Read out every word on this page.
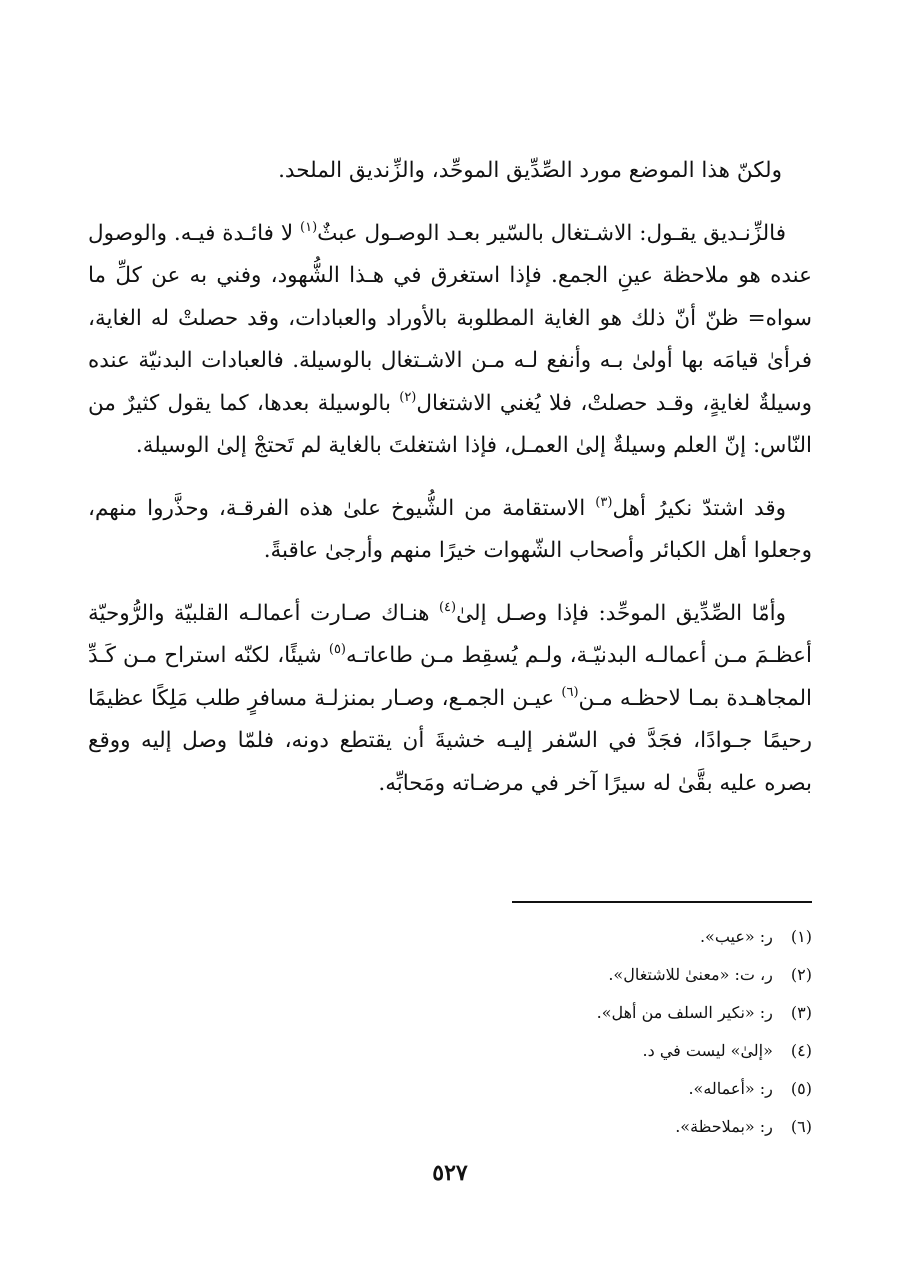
ولكنّ هذا الموضع مورد الصِّدِّيق الموحِّد، والزِّنديق الملحد.

فالزِّنـديق يقـول: الاشـتغال بالسّير بعـد الوصـول عبثٌ$^{(١)}$ لا فائـدة فيـه. والوصول عنده هو ملاحظة عينِ الجمع. فإذا استغرق في هـذا الشُّهود، وفني به عن كلِّ ما سواه= ظنّ أنّ ذلك هو الغاية المطلوبة بالأوراد والعبادات، وقد حصلتْ له الغاية، فرأىٰ قيامَه بها أولىٰ بـه وأنفع لـه مـن الاشـتغال بالوسيلة. فالعبادات البدنيّة عنده وسيلةٌ لغايةٍ، وقـد حصلتْ، فلا يُغني الاشتغال$^{(٢)}$ بالوسيلة بعدها، كما يقول كثيرٌ من النّاس: إنّ العلم وسيلةٌ إلىٰ العمـل، فإذا اشتغلتَ بالغاية لم تَحتجْ إلىٰ الوسيلة.

وقد اشتدّ نكيرُ أهل$^{(٣)}$ الاستقامة من الشُّيوخ علىٰ هذه الفرقـة، وحذَّروا منهم، وجعلوا أهل الكبائر وأصحاب الشّهوات خيرًا منهم وأرجىٰ عاقبةً.

وأمّا الصِّدِّيق الموحِّد: فإذا وصـل إلىٰ$^{(٤)}$ هنـاك صـارت أعمالـه القلبيّة والرُّوحيّة أعظـمَ مـن أعمالـه البدنيّـة، ولـم يُسقِط مـن طاعاتـه$^{(٥)}$ شيئًا، لكنّه استراح مـن كَـدِّ المجاهـدة بمـا لاحظـه مـن$^{(٦)}$ عيـن الجمـع، وصـار بمنزلـة مسافرٍ طلب مَلِكًا عظيمًا رحيمًا جـوادًا، فجَدَّ في السّفر إليـه خشيةَ أن يقتطع دونه، فلمّا وصل إليه ووقع بصره عليه بقَّىٰ له سيرًا آخر في مرضـاته ومَحابِّه.

(١) ر: «عيب».
(٢) ر، ت: «معنىٰ للاشتغال».
(٣) ر: «نكير السلف من أهل».
(٤) «إلىٰ» ليست في د.
(٥) ر: «أعماله».
(٦) ر: «بملاحظة».
٥٢٧
